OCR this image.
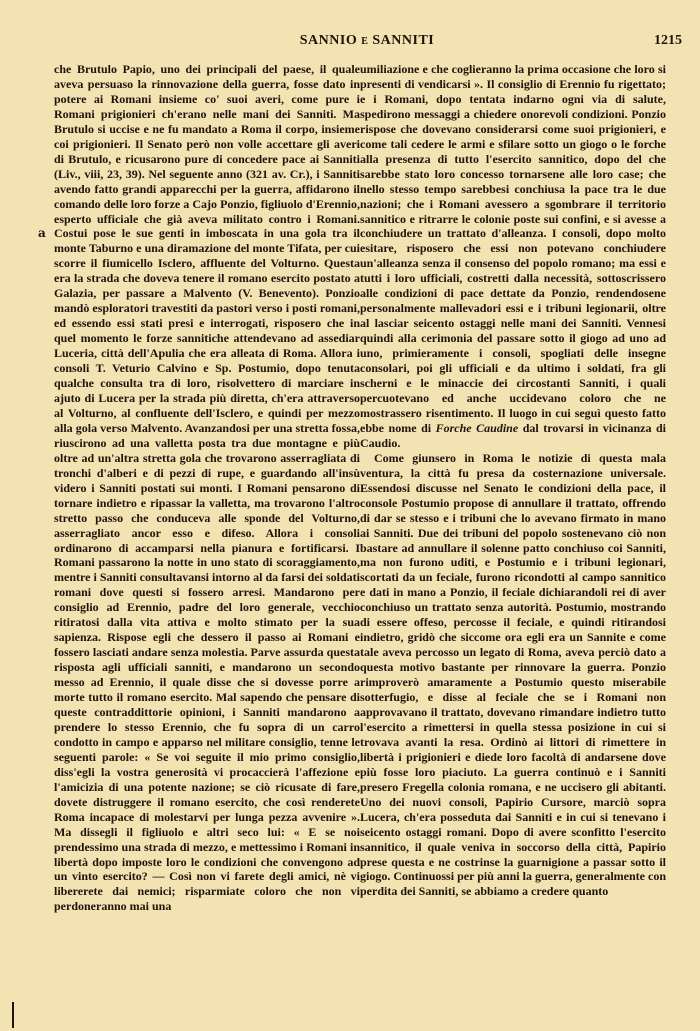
SANNIO E SANNITI	1215
a

che Brutulo Papio, uno dei principali del paese, il quale aveva persuaso la rinnovazione della guerra, fosse dato in potere ai Romani insieme co' suoi averi, come pure i Romani prigionieri ch'erano nelle mani dei Sanniti. Ma Brutulo si uccise e ne fu mandato a Roma il corpo, insieme coi prigionieri. Il Senato però non volle accettare gli averi di Brutulo, e ricusarono pure di concedere pace ai Sanniti (Liv., viii, 23, 39). Nel seguente anno (321 av. Cr.), i Sanniti avendo fatto grandi apparecchi per la guerra, affidarono il comando delle loro forze a Cajo Ponzio, figliuolo d'Erennio, esperto ufficiale che già aveva militato contro i Romani. Costui pose le sue genti in imboscata in una gola tra il monte Taburno e una diramazione del monte Tifata, per cui scorre il fiumicello Isclero, affluente del Volturno. Questa era la strada che doveva tenere il romano esercito postato a Galazia, per passare a Malvento (V. Benevento). Ponzio mandò esploratori travestiti da pastori verso i posti romani, ed essendo essi stati presi e interrogati, risposero che in quel momento le forze sannitiche attendevano ad assediar Luceria, città dell'Apulia che era alleata di Roma. Allora i consoli T. Veturio Calvino e Sp. Postumio, dopo tenuta qualche consulta tra di loro, risolvettero di marciare in ajuto di Lucera per la strada più diretta, ch'era attraverso al Volturno, al confluente dell'Isclero, e quindi per mezzo alla gola verso Malvento. Avanzandosi per una stretta fossa, riuscirono ad una valletta posta tra due montagne e più oltre ad un'altra stretta gola che trovarono asserragliata di tronchi d'alberi e di pezzi di rupe, e guardando all'insù videro i Sanniti postati sui monti. I Romani pensarono di tornare indietro e ripassar la valletta, ma trovarono l'altro stretto passo che conduceva alle sponde del Volturno, asserragliato ancor esso e difeso. Allora i consoli ordinarono di accamparsi nella pianura e fortificarsi. I Romani passarono la notte in uno stato di scoraggiamento, mentre i Sanniti consultavansi intorno al da farsi dei soldati romani dove questi si fossero arresi. Mandarono per consiglio ad Erennio, padre del loro generale, vecchio ritiratosi dalla vita attiva e molto stimato per la sua sapienza. Rispose egli che dessero il passo ai Romani e fossero lasciati andare senza molestia. Parve assurda questa risposta agli ufficiali sanniti, e mandarono un secondo messo ad Erennio, il quale disse che si dovesse porre a morte tutto il romano esercito. Mal sapendo che pensare di queste contraddittorie opinioni, i Sanniti mandarono a prendere lo stesso Erennio, che fu sopra di un carro condotto in campo e apparso nel militare consiglio, tenne le seguenti parole: « Se voi seguite il mio primo consiglio, diss'egli la vostra generosità vi procaccierà l'affezione e l'amicizia di una potente nazione; se ciò ricusate di fare, dovete distruggere il romano esercito, che così renderete Roma incapace di molestarvi per lunga pezza avvenire ». Ma dissegli il figliuolo e altri seco lui: « E se noi prendessimo una strada di mezzo, e mettessimo i Romani in libertà dopo imposte loro le condizioni che convengono ad un vinto esercito? — Così non vi farete degli amici, nè vi libererete dai nemici; risparmiate coloro che non vi perdoneranno mai una

umiliazione e che coglieranno la prima occasione che loro si presenti di vendicarsi ». Il consiglio di Erennio fu rigettato; e i Romani, dopo tentata indarno ogni via di salute, spedirono messaggi a chiedere onorevoli condizioni. Ponzio rispose che dovevano considerarsi come suoi prigionieri, e come tali cedere le armi e sfilare sotto un giogo o le forche alla presenza di tutto l'esercito sannitico, dopo del che sarebbe stato loro concesso tornarsene alle loro case; che nello stesso tempo sarebbesi conchiusa la pace tra le due nazioni; che i Romani avessero a sgombrare il territorio sannitico e ritrarre le colonie poste sui confini, e si avesse a conchiudere un trattato d'alleanza. I consoli, dopo molto esitare, risposero che essi non potevano conchiudere un'alleanza senza il consenso del popolo romano; ma essi e tutti i loro ufficiali, costretti dalla necessità, sottoscrissero alle condizioni di pace dettate da Ponzio, rendendosene personalmente mallevadori essi e i tribuni legionarii, oltre al lasciar seicento ostaggi nelle mani dei Sanniti. Vennesi quindi alla cerimonia del passare sotto il giogo ad uno ad uno, primieramente i consoli, spogliati delle insegne consolari, poi gli ufficiali e da ultimo i soldati, fra gli scherni e le minaccie dei circostanti Sanniti, i quali percuotevano ed anche uccidevano coloro che ne mostrassero risentimento. Il luogo in cui seguì questo fatto ebbe nome di Forche Caudine dal trovarsi in vicinanza di Caudio.

Come giunsero in Roma le notizie di questa mala ventura, la città fu presa da costernazione universale. Essendosi discusse nel Senato le condizioni della pace, il console Postumio propose di annullare il trattato, offrendo di dar se stesso e i tribuni che lo avevano firmato in mano ai Sanniti. Due dei tribuni del popolo sostenevano ciò non bastare ad annullare il solenne patto conchiuso coi Sanniti, ma non furono uditi, e Postumio e i tribuni legionari, scortati da un feciale, furono ricondotti al campo sannitico e dati in mano a Ponzio, il feciale dichiarandoli rei di aver conchiuso un trattato senza autorità. Postumio, mostrando di essere offeso, percosse il feciale, e quindi ritirandosi indietro, gridò che siccome ora egli era un Sannite e come tale aveva percosso un legato di Roma, aveva perciò dato a questa motivo bastante per rinnovare la guerra. Ponzio rimproverò amaramente a Postumio questo miserabile sotterfugio, e disse al feciale che se i Romani non approvavano il trattato, dovevano rimandare indietro tutto l'esercito a rimettersi in quella stessa posizione in cui si trovava avanti la resa. Ordinò ai littori di rimettere in libertà i prigionieri e diede loro facoltà di andarsene dove più fosse loro piaciuto. La guerra continuò e i Sanniti presero Fregella colonia romana, e ne uccisero gli abitanti. Uno dei nuovi consoli, Papirio Cursore, marciò sopra Lucera, ch'era posseduta dai Sanniti e in cui si tenevano i seicento ostaggi romani. Dopo di avere sconfitto l'esercito sannitico, il quale veniva in soccorso della città, Papirio prese questa e ne costrinse la guarnigione a passar sotto il giogo. Continuossi per più anni la guerra, generalmente con perdita dei Sanniti, se abbiamo a credere quanto
